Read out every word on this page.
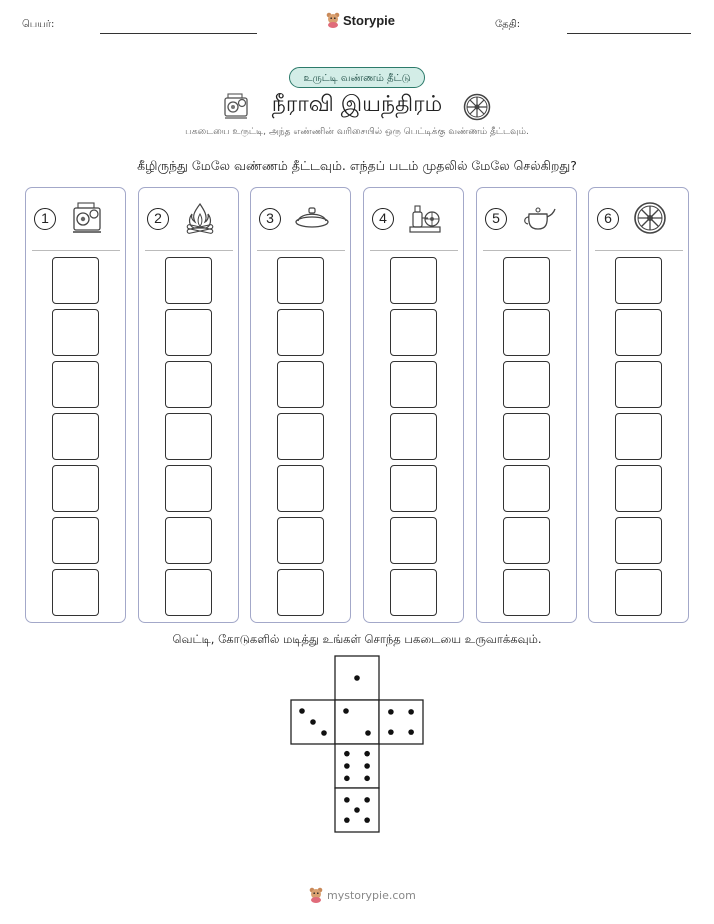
பெயர்:	Storypie	தேதி:
உருட்டி வண்ணம் தீட்டு
நீராவி இயந்திரம்
பகடையை உருட்டி, அந்த எண்ணின் வரிசையில் ஒரு பெட்டிக்கு வண்ணம் தீட்டவும்.
கீழிருந்து மேலே வண்ணம் தீட்டவும். எந்தப் படம் முதலில் மேலே செல்கிறது?
1	2	3	4	5	6
வெட்டி, கோடுகளில் மடித்து உங்கள் சொந்த பகடையை உருவாக்கவும்.
mystorypie.com
